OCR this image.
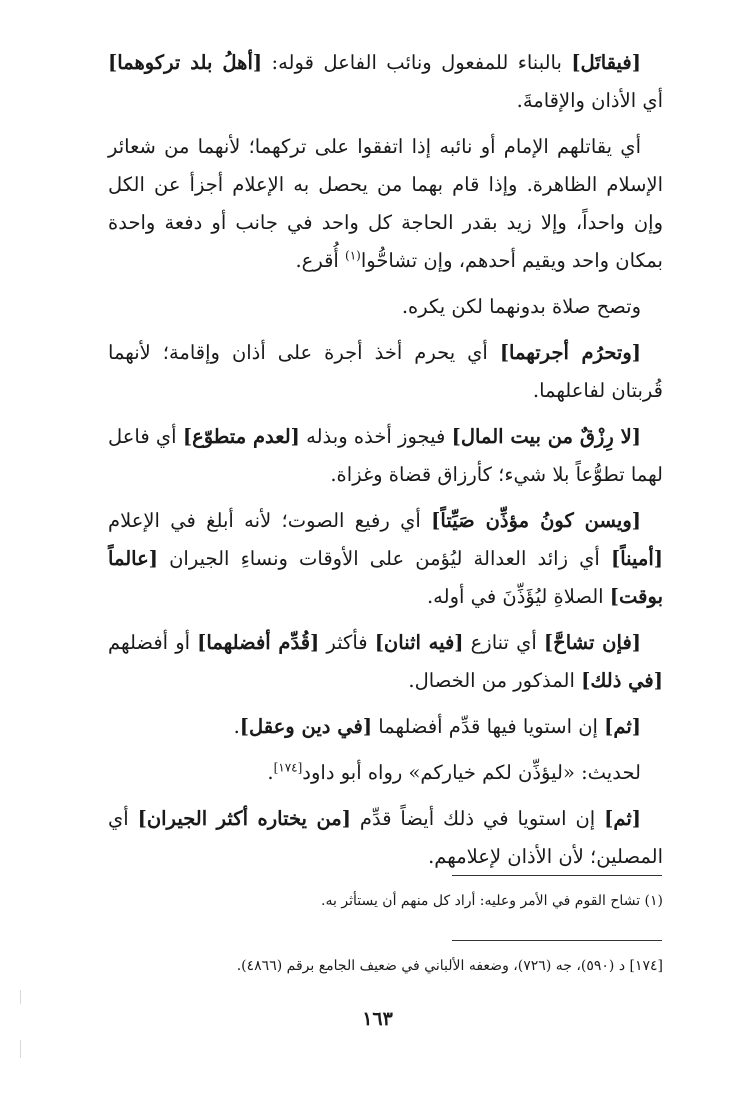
[فيقاتَل] بالبناء للمفعول ونائب الفاعل قوله: [أهلُ بلد تركوهما] أي الأذان والإقامةَ.

أي يقاتلهم الإمام أو نائبه إذا اتفقوا على تركهما؛ لأنهما من شعائر الإسلام الظاهرة. وإذا قام بهما من يحصل به الإعلام أجزأ عن الكل وإن واحداً، وإلا زيد بقدر الحاجة كل واحد في جانب أو دفعة واحدة بمكان واحد ويقيم أحدهم، وإن تشاحُّوا$^{(١)}$ أُقرع.

وتصح صلاة بدونهما لكن يكره.

[وتحرُم أجرتهما] أي يحرم أخذ أجرة على أذان وإقامة؛ لأنهما قُربتان لفاعلهما.

[لا رِزْقٌ من بيت المال] فيجوز أخذه وبذله [لعدم متطوّع] أي فاعل لهما تطوُّعاً بلا شيء؛ كأرزاق قضاة وغزاة.

[ويسن كونُ مؤذِّن صَيِّتاً] أي رفيع الصوت؛ لأنه أبلغ في الإعلام [أميناً] أي زائد العدالة ليُؤمن على الأوقات ونساءِ الجيران [عالماً بوقت] الصلاةِ ليُؤَذِّنَ في أوله.

[فإن تشاحَّ] أي تنازع [فيه اثنان] فأكثر [قُدِّم أفضلهما] أو أفضلهم [في ذلك] المذكور من الخصال.

[ثم] إن استويا فيها قدِّم أفضلهما [في دين وعقل].

لحديث: «ليؤذِّن لكم خياركم» رواه أبو داود[١٧٤].

[ثم] إن استويا في ذلك أيضاً قدِّم [من يختاره أكثر الجيران] أي المصلين؛ لأن الأذان لإعلامهم.

(١) تشاح القوم في الأمر وعليه: أراد كل منهم أن يستأثر به.
[١٧٤] د (٥٩٠)، جه (٧٢٦)، وضعفه الألباني في ضعيف الجامع برقم (٤٨٦٦).
١٦٣
